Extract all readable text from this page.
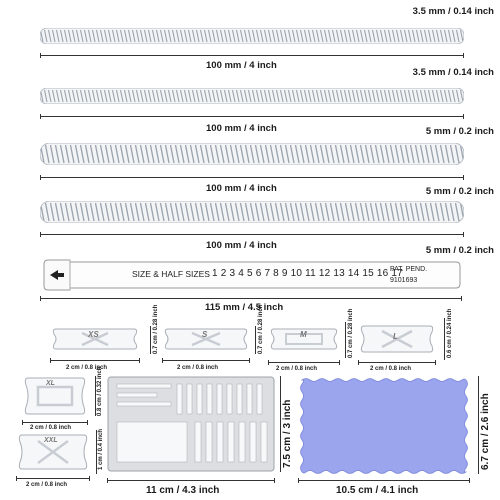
3.5 mm / 0.14 inch
100 mm / 4 inch
3.5 mm / 0.14 inch
100 mm / 4 inch	5 mm / 0.2 inch
100 mm / 4 inch	5 mm / 0.2 inch
100 mm / 4 inch	5 mm / 0.2 inch
SIZE & HALF SIZES 1 2 3 4 5 6 7 8 9 10 11 12 13 14 15 16 17
PAT. PEND.
9101693
115 mm / 4.5 inch
XS	0.7 cm / 0.28 inch
2 cm / 0.8 inch
S	0.7 cm / 0.28 inch
2 cm / 0.8 inch
M	0.7 cm / 0.28 inch
2 cm / 0.8 inch
L	0.6 cm / 0.24 inch
2 cm / 0.8 inch
XL	0.8 cm / 0.32 inch
2 cm / 0.8 inch
XXL	1 cm / 0.4 inch
2 cm / 0.8 inch
7.5 cm / 3 inch
11 cm / 4.3 inch
6.7 cm / 2.6 inch
10.5 cm / 4.1 inch
